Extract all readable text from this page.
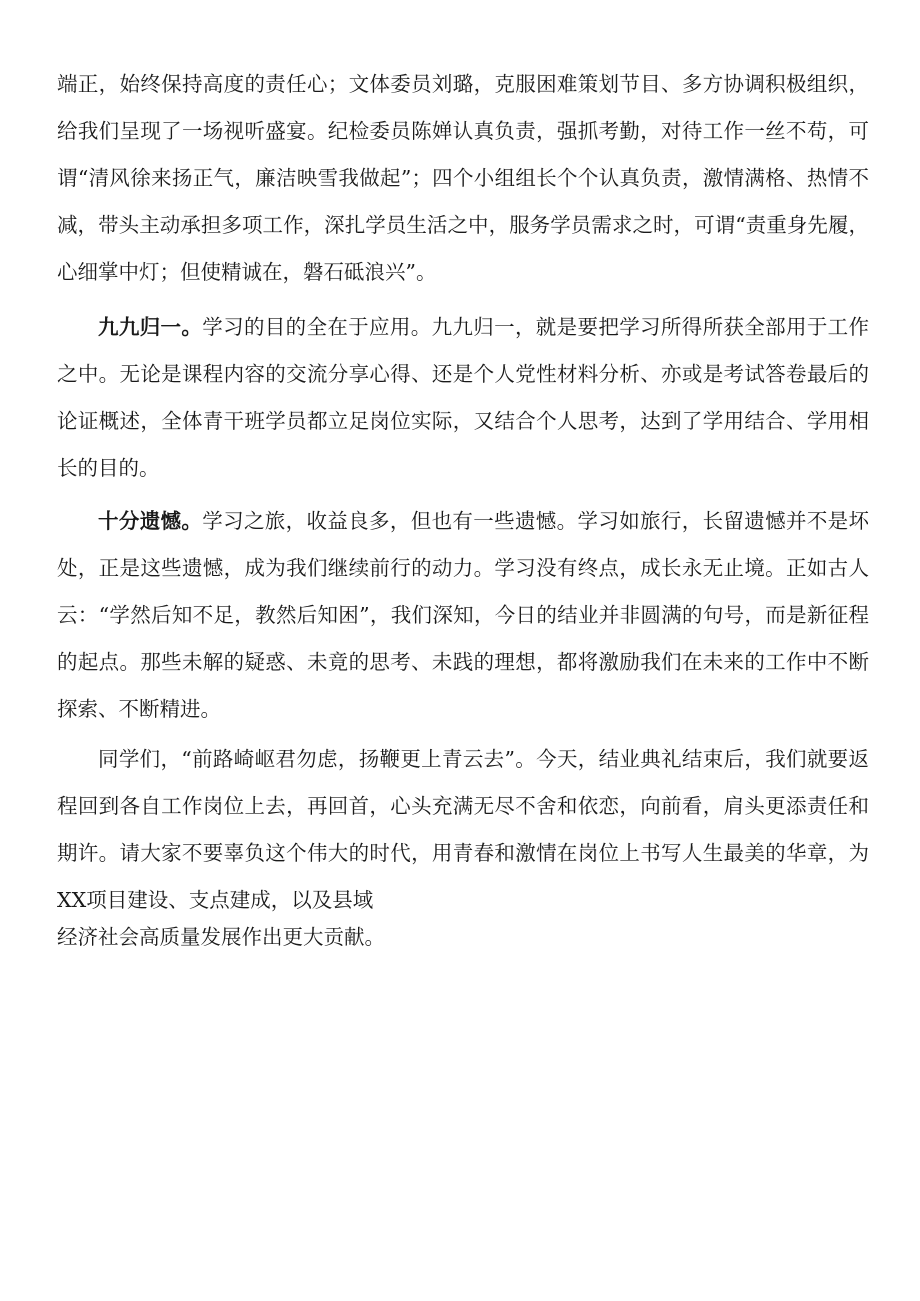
端正，始终保持高度的责任心；文体委员刘璐，克服困难策划节目、多方协调积极组织，给我们呈现了一场视听盛宴。纪检委员陈婵认真负责，强抓考勤，对待工作一丝不苟，可谓“清风徐来扬正气，廉洁映雪我做起”；四个小组组长个个认真负责，激情满格、热情不减，带头主动承担多项工作，深扎学员生活之中，服务学员需求之时，可谓“责重身先履，心细掌中灯；但使精诚在，磐石砥浪兴”。

九九归一。学习的目的全在于应用。九九归一，就是要把学习所得所获全部用于工作之中。无论是课程内容的交流分享心得、还是个人党性材料分析、亦或是考试答卷最后的论证概述，全体青干班学员都立足岗位实际，又结合个人思考，达到了学用结合、学用相长的目的。

十分遗憾。学习之旅，收益良多，但也有一些遗憾。学习如旅行，长留遗憾并不是坏处，正是这些遗憾，成为我们继续前行的动力。学习没有终点，成长永无止境。正如古人云：“学然后知不足，教然后知困”，我们深知，今日的结业并非圆满的句号，而是新征程的起点。那些未解的疑惑、未竟的思考、未践的理想，都将激励我们在未来的工作中不断探索、不断精进。

同学们，“前路崎岖君勿虑，扬鞭更上青云去”。今天，结业典礼结束后，我们就要返程回到各自工作岗位上去，再回首，心头充满无尽不舍和依恋，向前看，肩头更添责任和期许。请大家不要辜负这个伟大的时代，用青春和激情在岗位上书写人生最美的华章，为XX项目建设、支点建成，以及县域

经济社会高质量发展作出更大贡献。
